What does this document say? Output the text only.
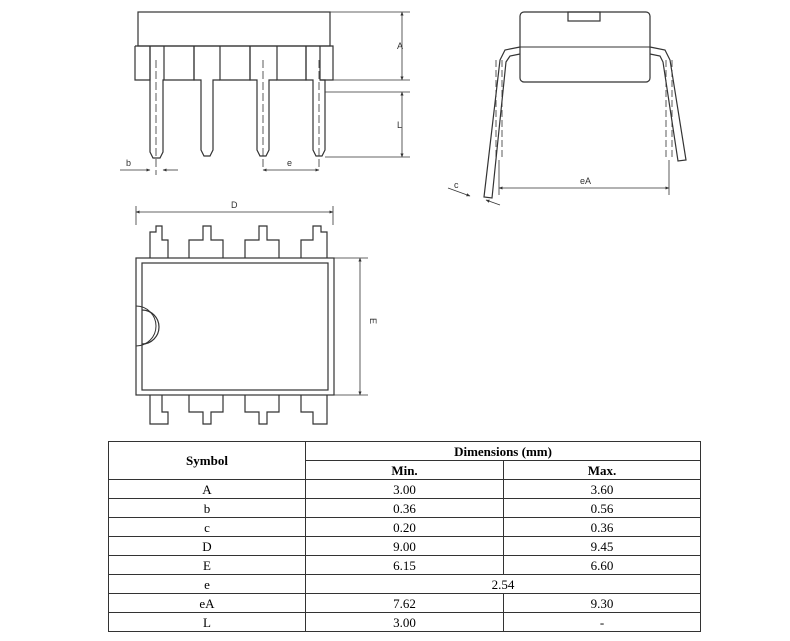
A
L
b	e
eA
c
D
E
Symbol	Dimensions (mm)	
	Min.	Max.
A	3.00	3.60
b	0.36	0.56
c	0.20	0.36
D	9.00	9.45
E	6.15	6.60
e	2.54	
eA	7.62	9.30
L	3.00	-
